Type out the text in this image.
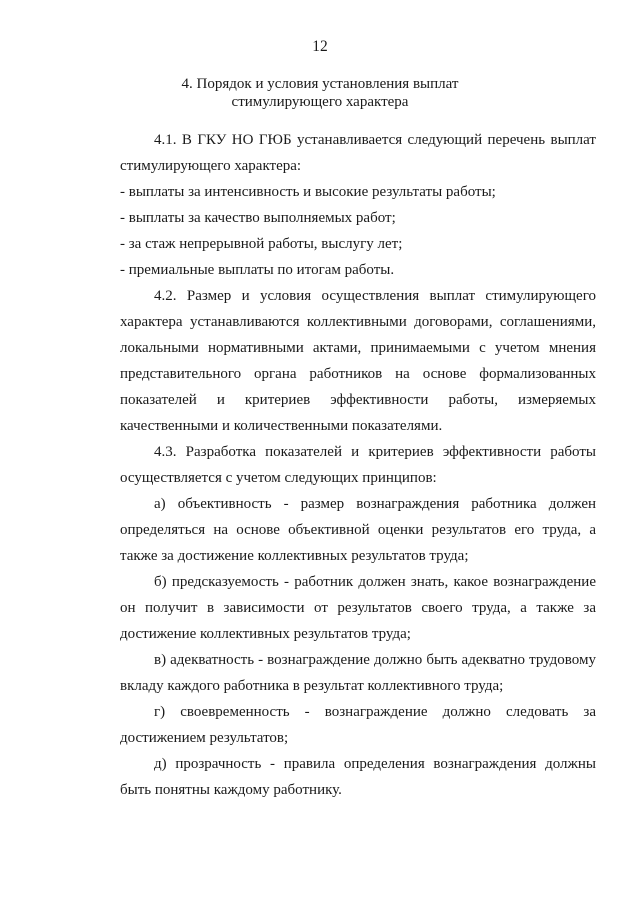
12
4. Порядок и условия установления выплат
стимулирующего характера

4.1. В ГКУ НО ГЮБ устанавливается следующий перечень выплат стимулирующего характера:

- выплаты за интенсивность и высокие результаты работы;

- выплаты за качество выполняемых работ;

- за стаж непрерывной работы, выслугу лет;

- премиальные выплаты по итогам работы.

4.2. Размер и условия осуществления выплат стимулирующего характера устанавливаются коллективными договорами, соглашениями, локальными нормативными актами, принимаемыми с учетом мнения представительного органа работников на основе формализованных показателей и критериев эффективности работы, измеряемых качественными и количественными показателями.

4.3. Разработка показателей и критериев эффективности работы осуществляется с учетом следующих принципов:

а) объективность - размер вознаграждения работника должен определяться на основе объективной оценки результатов его труда, а также за достижение коллективных результатов труда;

б) предсказуемость - работник должен знать, какое вознаграждение он получит в зависимости от результатов своего труда, а также за достижение коллективных результатов труда;

в) адекватность - вознаграждение должно быть адекватно трудовому вкладу каждого работника в результат коллективного труда;

г) своевременность - вознаграждение должно следовать за достижением результатов;

д) прозрачность - правила определения вознаграждения должны быть понятны каждому работнику.
